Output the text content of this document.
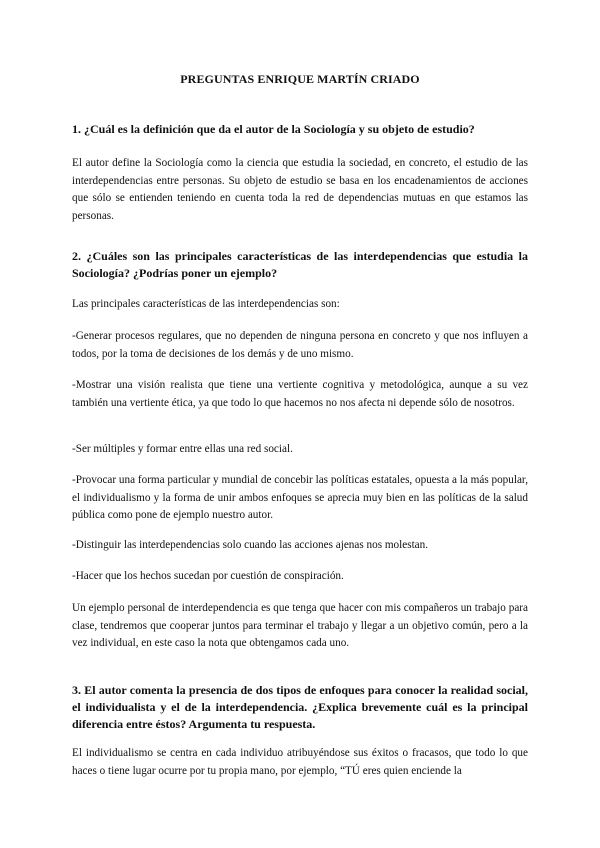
PREGUNTAS ENRIQUE MARTÍN CRIADO

1. ¿Cuál es la definición que da el autor de la Sociología y su objeto de estudio?

El autor define la Sociología como la ciencia que estudia la sociedad, en concreto, el estudio de las interdependencias entre personas. Su objeto de estudio se basa en los encadenamientos de acciones que sólo se entienden teniendo en cuenta toda la red de dependencias mutuas en que estamos las personas.

2. ¿Cuáles son las principales características de las interdependencias que estudia la Sociología? ¿Podrías poner un ejemplo?

Las principales características de las interdependencias son:

-Generar procesos regulares, que no dependen de ninguna persona en concreto y que nos influyen a todos, por la toma de decisiones de los demás y de uno mismo.

-Mostrar una visión realista que tiene una vertiente cognitiva y metodológica, aunque a su vez también una vertiente ética, ya que todo lo que hacemos no nos afecta ni depende sólo de nosotros.

-Ser múltiples y formar entre ellas una red social.

-Provocar una forma particular y mundial de concebir las políticas estatales, opuesta a la más popular, el individualismo y la forma de unir ambos enfoques se aprecia muy bien en las políticas de la salud pública como pone de ejemplo nuestro autor.

-Distinguir las interdependencias solo cuando las acciones ajenas nos molestan.

-Hacer que los hechos sucedan por cuestión de conspiración.

Un ejemplo personal de interdependencia es que tenga que hacer con mis compañeros un trabajo para clase, tendremos que cooperar juntos para terminar el trabajo y llegar a un objetivo común, pero a la vez individual, en este caso la nota que obtengamos cada uno.

3. El autor comenta la presencia de dos tipos de enfoques para conocer la realidad social, el individualista y el de la interdependencia. ¿Explica brevemente cuál es la principal diferencia entre éstos? Argumenta tu respuesta.

El individualismo se centra en cada individuo atribuyéndose sus éxitos o fracasos, que todo lo que haces o tiene lugar ocurre por tu propia mano, por ejemplo, “TÚ eres quien enciende la
